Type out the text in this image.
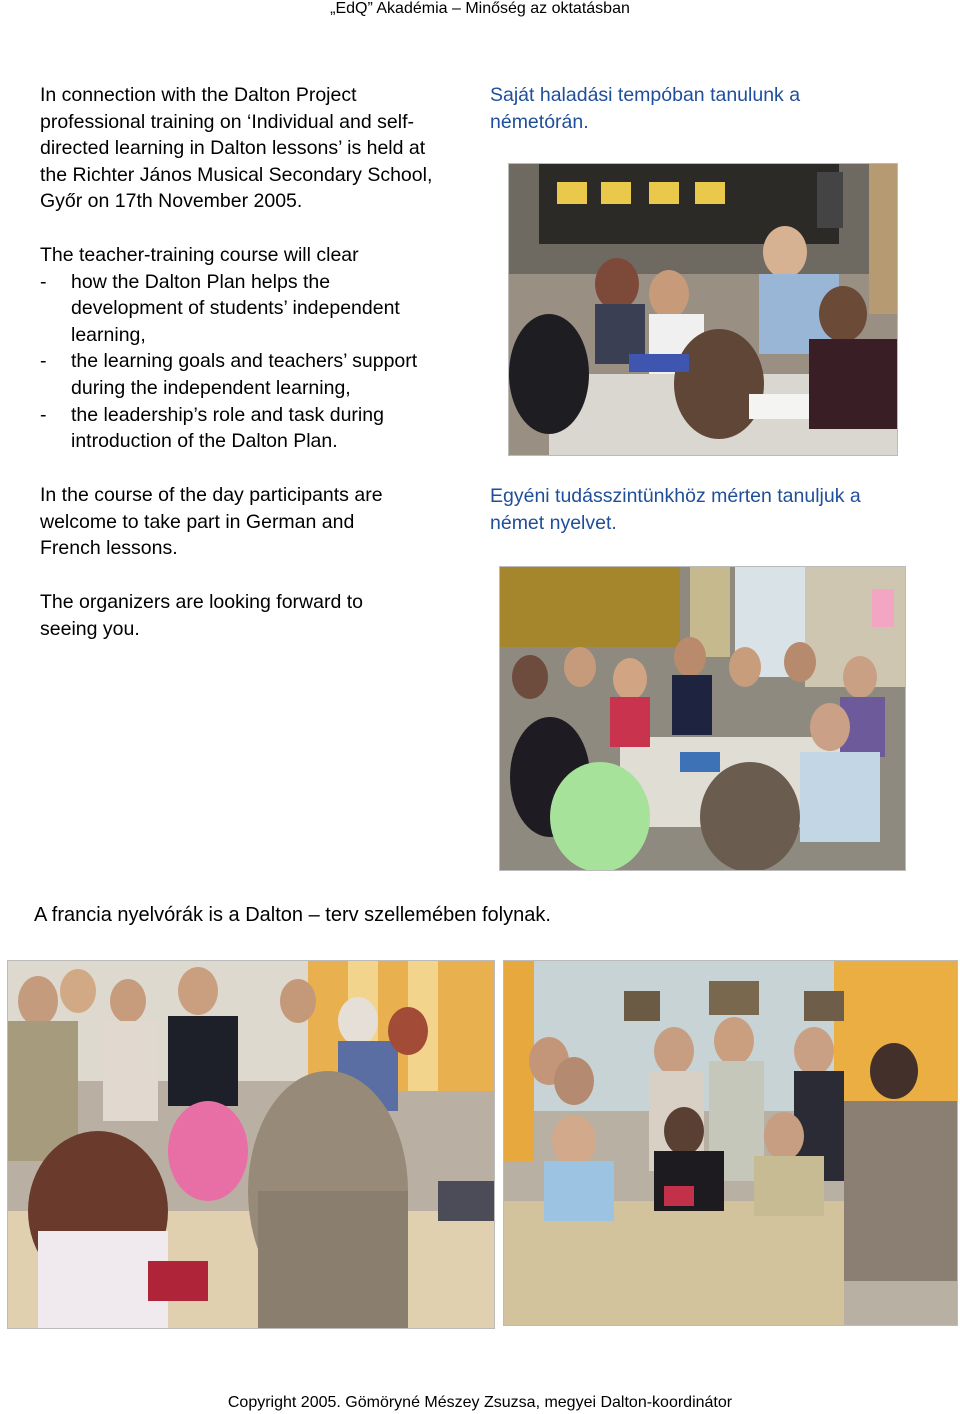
„EdQ” Akadémia – Minőség az oktatásban
In connection with the Dalton Project professional training on ‘Individual and self-directed learning in Dalton lessons’ is held at the Richter János Musical Secondary School, Győr on 17th November 2005.
The teacher-training course will clear
- how the Dalton Plan helps the development of students’ independent learning,
- the learning goals and teachers’ support during the independent learning,
- the leadership’s role and task during introduction of the Dalton Plan.
In the course of the day participants are welcome to take part in German and French lessons.
The organizers are looking forward to seeing you.
Saját haladási tempóban tanulunk a németórán.
Egyéni tudásszintünkhöz mérten tanuljuk a német nyelvet.
A francia nyelvórák is a Dalton – terv szellemében folynak.
Copyright 2005. Gömöryné Mészey Zsuzsa, megyei Dalton-koordinátor
